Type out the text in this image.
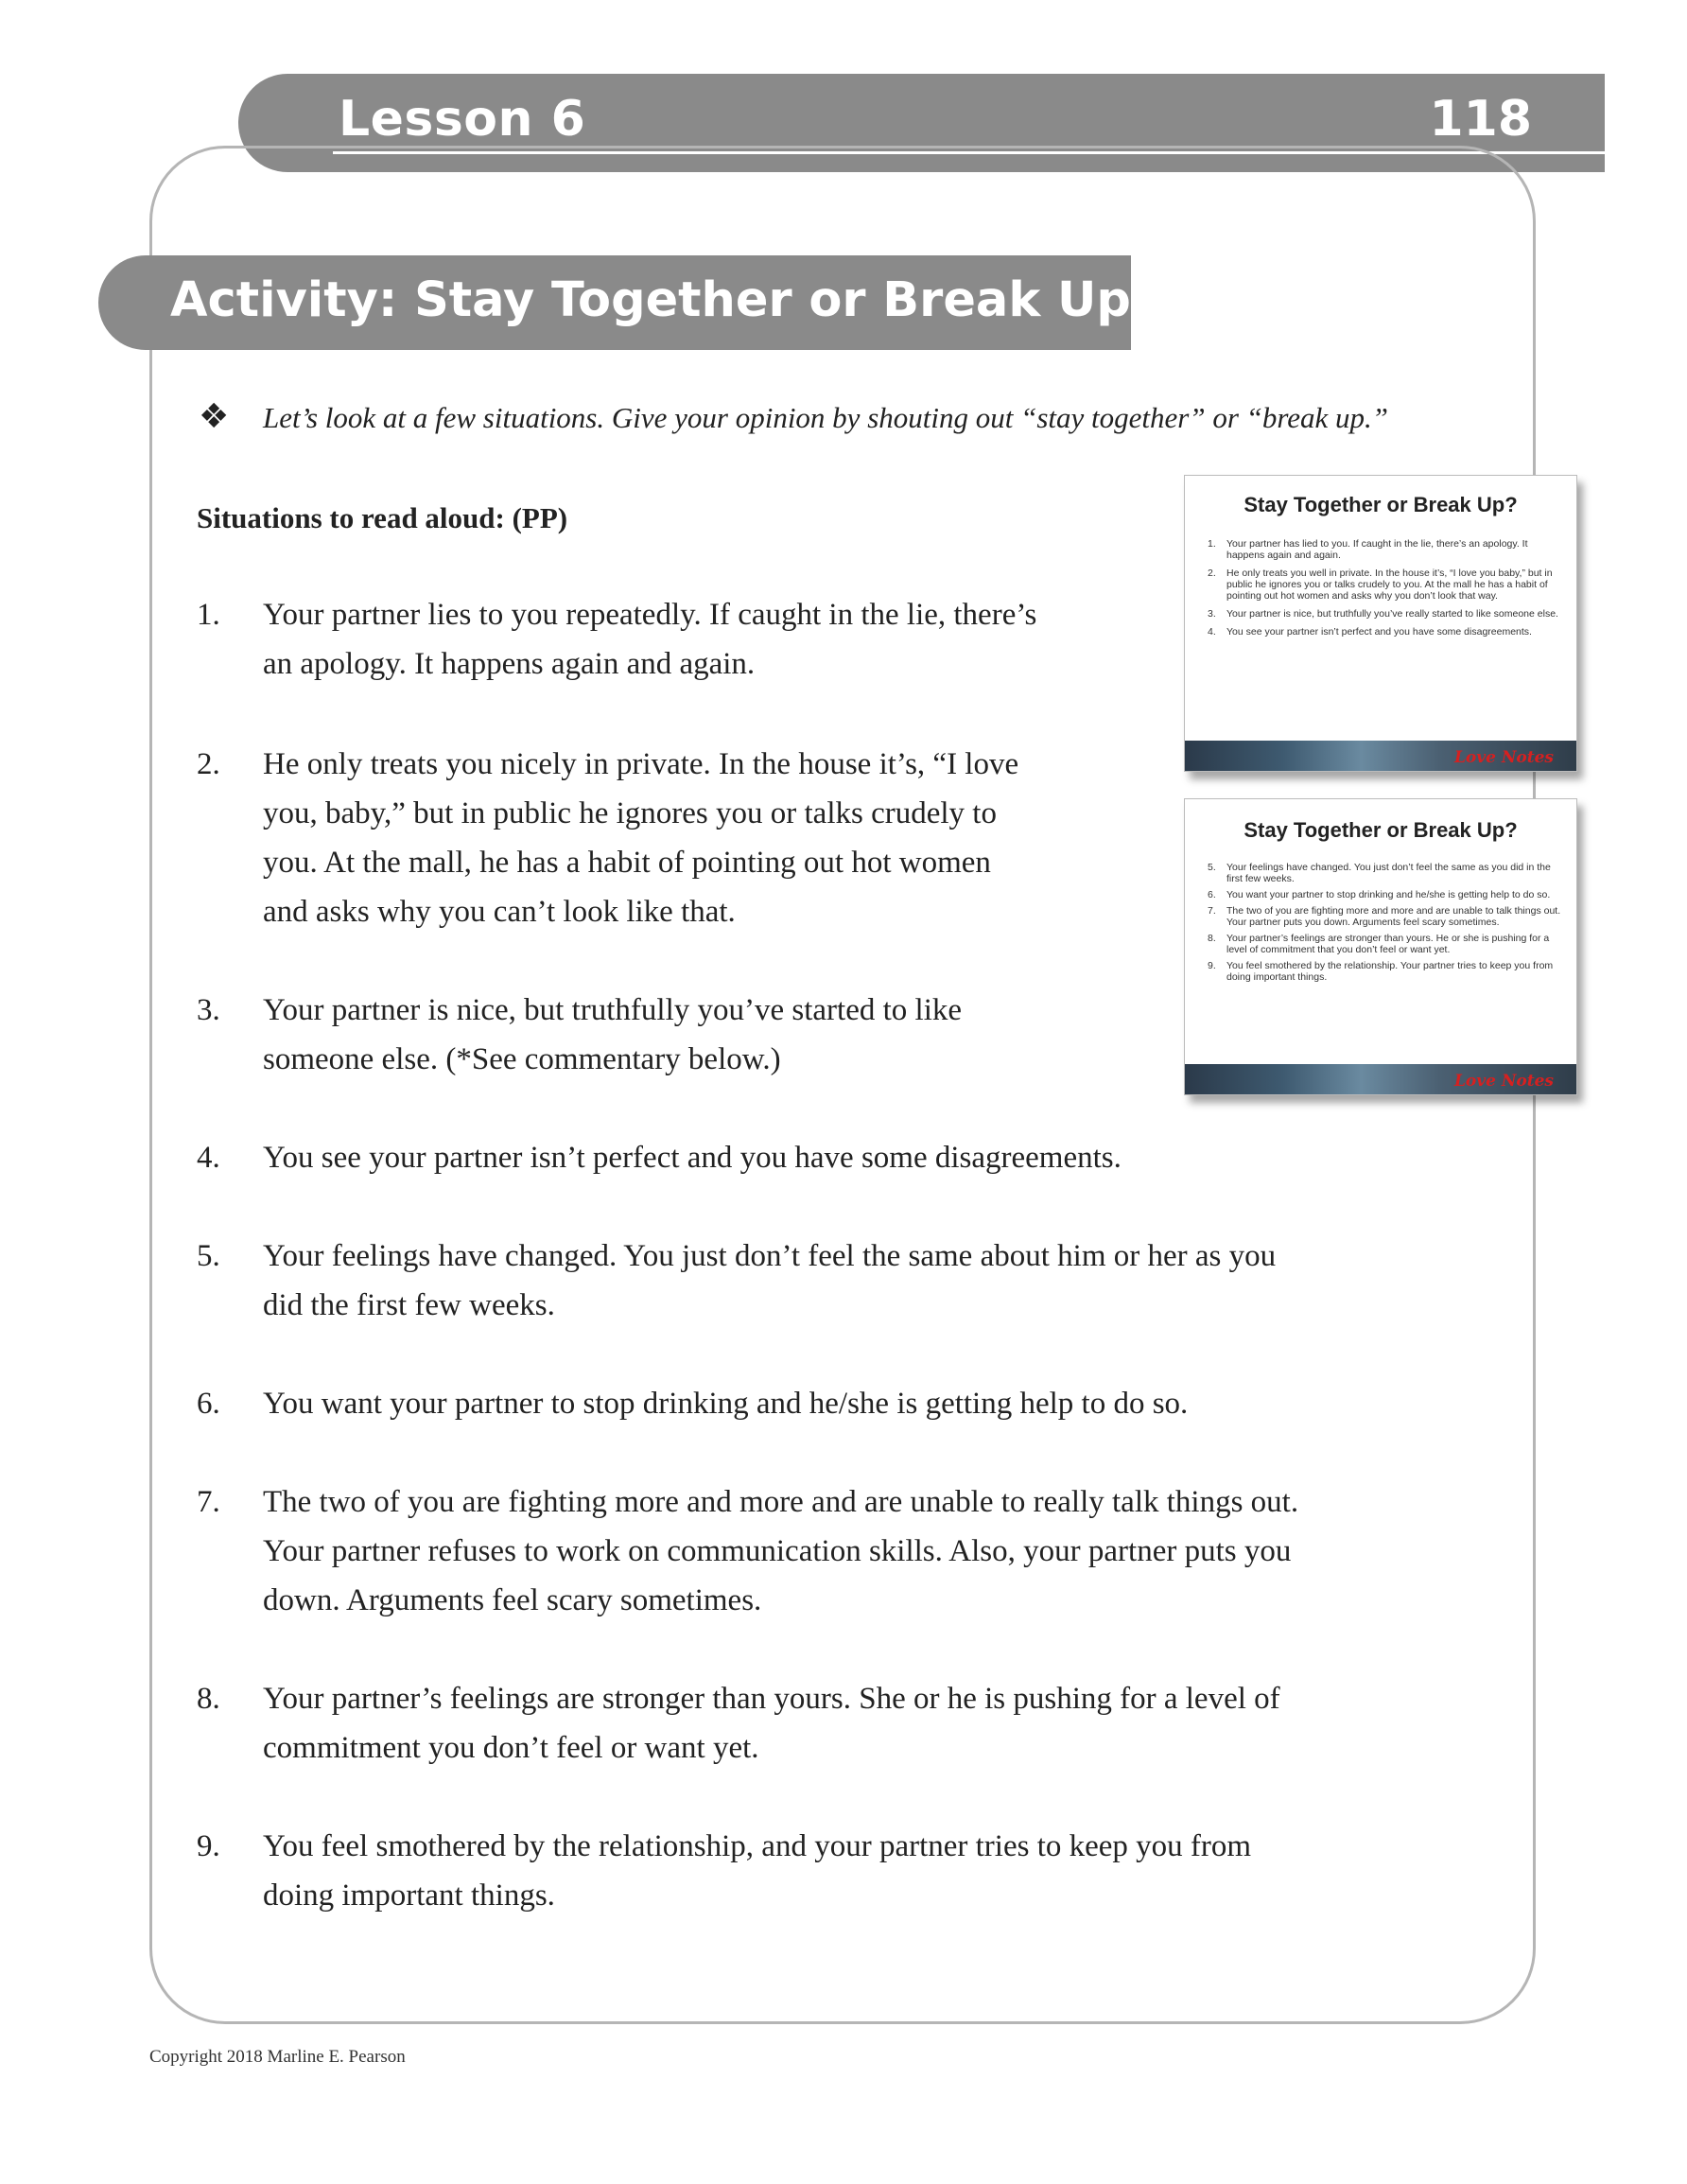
Lesson 6	118
Activity: Stay Together or Break Up?
❖ Let’s look at a few situations. Give your opinion by shouting out “stay together” or “break up.”
Situations to read aloud: (PP)
1. Your partner lies to you repeatedly. If caught in the lie, there’s
an apology. It happens again and again.
2. He only treats you nicely in private. In the house it’s, “I love
you, baby,” but in public he ignores you or talks crudely to
you. At the mall, he has a habit of pointing out hot women
and asks why you can’t look like that.
3. Your partner is nice, but truthfully you’ve started to like
someone else. (*See commentary below.)
4. You see your partner isn’t perfect and you have some disagreements.
5. Your feelings have changed. You just don’t feel the same about him or her as you
did the first few weeks.
6. You want your partner to stop drinking and he/she is getting help to do so.
7. The two of you are fighting more and more and are unable to really talk things out.
Your partner refuses to work on communication skills. Also, your partner puts you
down. Arguments feel scary sometimes.
8. Your partner’s feelings are stronger than yours. She or he is pushing for a level of
commitment you don’t feel or want yet.
9. You feel smothered by the relationship, and your partner tries to keep you from
doing important things.
Stay Together or Break Up?
1. Your partner has lied to you. If caught in the lie, there’s an apology. It happens again and again.
2. He only treats you well in private. In the house it’s, “I love you baby,” but in public he ignores you or talks crudely to you. At the mall he has a habit of pointing out hot women and asks why you don’t look that way.
3. Your partner is nice, but truthfully you’ve really started to like someone else.
4. You see your partner isn’t perfect and you have some disagreements.
Love Notes
Stay Together or Break Up?
5. Your feelings have changed. You just don’t feel the same as you did in the first few weeks.
6. You want your partner to stop drinking and he/she is getting help to do so.
7. The two of you are fighting more and more and are unable to talk things out. Your partner puts you down. Arguments feel scary sometimes.
8. Your partner’s feelings are stronger than yours. He or she is pushing for a level of commitment that you don’t feel or want yet.
9. You feel smothered by the relationship. Your partner tries to keep you from doing important things.
Love Notes
Copyright 2018 Marline E. Pearson
